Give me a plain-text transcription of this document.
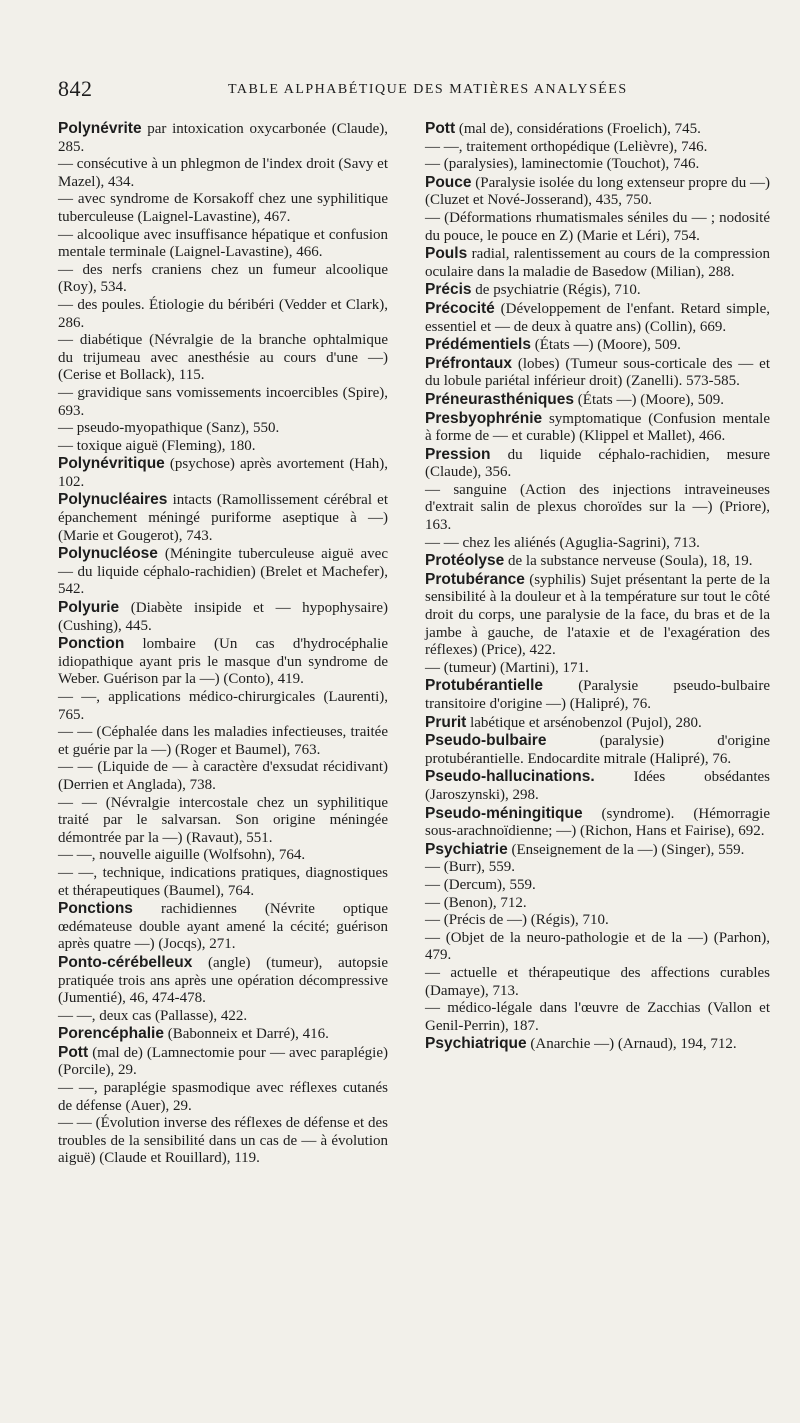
842	TABLE ALPHABÉTIQUE DES MATIÈRES ANALYSÉES

Polynévrite par intoxication oxycarbonée (Claude), 285.

— consécutive à un phlegmon de l'index droit (Savy et Mazel), 434.

— avec syndrome de Korsakoff chez une syphilitique tuberculeuse (Laignel-Lavastine), 467.

— alcoolique avec insuffisance hépatique et confusion mentale terminale (Laignel-Lavastine), 466.

— des nerfs craniens chez un fumeur alcoolique (Roy), 534.

— des poules. Étiologie du béribéri (Vedder et Clark), 286.

— diabétique (Névralgie de la branche ophtalmique du trijumeau avec anesthésie au cours d'une —) (Cerise et Bollack), 115.

— gravidique sans vomissements incoercibles (Spire), 693.

— pseudo-myopathique (Sanz), 550.

— toxique aiguë (Fleming), 180.

Polynévritique (psychose) après avortement (Hah), 102.

Polynucléaires intacts (Ramollissement cérébral et épanchement méningé puriforme aseptique à —) (Marie et Gougerot), 743.

Polynucléose (Méningite tuberculeuse aiguë avec — du liquide céphalo-rachidien) (Brelet et Machefer), 542.

Polyurie (Diabète insipide et — hypophysaire) (Cushing), 445.

Ponction lombaire (Un cas d'hydrocéphalie idiopathique ayant pris le masque d'un syndrome de Weber. Guérison par la —) (Conto), 419.

— —, applications médico-chirurgicales (Laurenti), 765.

— — (Céphalée dans les maladies infectieuses, traitée et guérie par la —) (Roger et Baumel), 763.

— — (Liquide de — à caractère d'exsudat récidivant) (Derrien et Anglada), 738.

— — (Névralgie intercostale chez un syphilitique traité par le salvarsan. Son origine méningée démontrée par la —) (Ravaut), 551.

— —, nouvelle aiguille (Wolfsohn), 764.

— —, technique, indications pratiques, diagnostiques et thérapeutiques (Baumel), 764.

Ponctions rachidiennes (Névrite optique œdémateuse double ayant amené la cécité; guérison après quatre —) (Jocqs), 271.

Ponto-cérébelleux (angle) (tumeur), autopsie pratiquée trois ans après une opération décompressive (Jumentié), 46, 474-478.

— —, deux cas (Pallasse), 422.

Porencéphalie (Babonneix et Darré), 416.

Pott (mal de) (Lamnectomie pour — avec paraplégie) (Porcile), 29.

— —, paraplégie spasmodique avec réflexes cutanés de défense (Auer), 29.

— — (Évolution inverse des réflexes de défense et des troubles de la sensibilité dans un cas de — à évolution aiguë) (Claude et Rouillard), 119.

Pott (mal de), considérations (Froelich), 745.

— —, traitement orthopédique (Lelièvre), 746.

— (paralysies), laminectomie (Touchot), 746.

Pouce (Paralysie isolée du long extenseur propre du —) (Cluzet et Nové-Josserand), 435, 750.

— (Déformations rhumatismales séniles du — ; nodosité du pouce, le pouce en Z) (Marie et Léri), 754.

Pouls radial, ralentissement au cours de la compression oculaire dans la maladie de Basedow (Milian), 288.

Précis de psychiatrie (Régis), 710.

Précocité (Développement de l'enfant. Retard simple, essentiel et — de deux à quatre ans) (Collin), 669.

Prédémentiels (États —) (Moore), 509.

Préfrontaux (lobes) (Tumeur sous-corticale des — et du lobule pariétal inférieur droit) (Zanelli). 573-585.

Préneurasthéniques (États —) (Moore), 509.

Presbyophrénie symptomatique (Confusion mentale à forme de — et curable) (Klippel et Mallet), 466.

Pression du liquide céphalo-rachidien, mesure (Claude), 356.

— sanguine (Action des injections intraveineuses d'extrait salin de plexus choroïdes sur la —) (Priore), 163.

— — chez les aliénés (Aguglia-Sagrini), 713.

Protéolyse de la substance nerveuse (Soula), 18, 19.

Protubérance (syphilis) Sujet présentant la perte de la sensibilité à la douleur et à la température sur tout le côté droit du corps, une paralysie de la face, du bras et de la jambe à gauche, de l'ataxie et de l'exagération des réflexes) (Price), 422.

— (tumeur) (Martini), 171.

Protubérantielle (Paralysie pseudo-bulbaire transitoire d'origine —) (Halipré), 76.

Prurit labétique et arsénobenzol (Pujol), 280.

Pseudo-bulbaire (paralysie) d'origine protubérantielle. Endocardite mitrale (Halipré), 76.

Pseudo-hallucinations. Idées obsédantes (Jaroszynski), 298.

Pseudo-méningitique (syndrome). (Hémorragie sous-arachnoïdienne; —) (Richon, Hans et Fairise), 692.

Psychiatrie (Enseignement de la —) (Singer), 559.

— (Burr), 559.

— (Dercum), 559.

— (Benon), 712.

— (Précis de —) (Régis), 710.

— (Objet de la neuro-pathologie et de la —) (Parhon), 479.

— actuelle et thérapeutique des affections curables (Damaye), 713.

— médico-légale dans l'œuvre de Zacchias (Vallon et Genil-Perrin), 187.

Psychiatrique (Anarchie —) (Arnaud), 194, 712.
